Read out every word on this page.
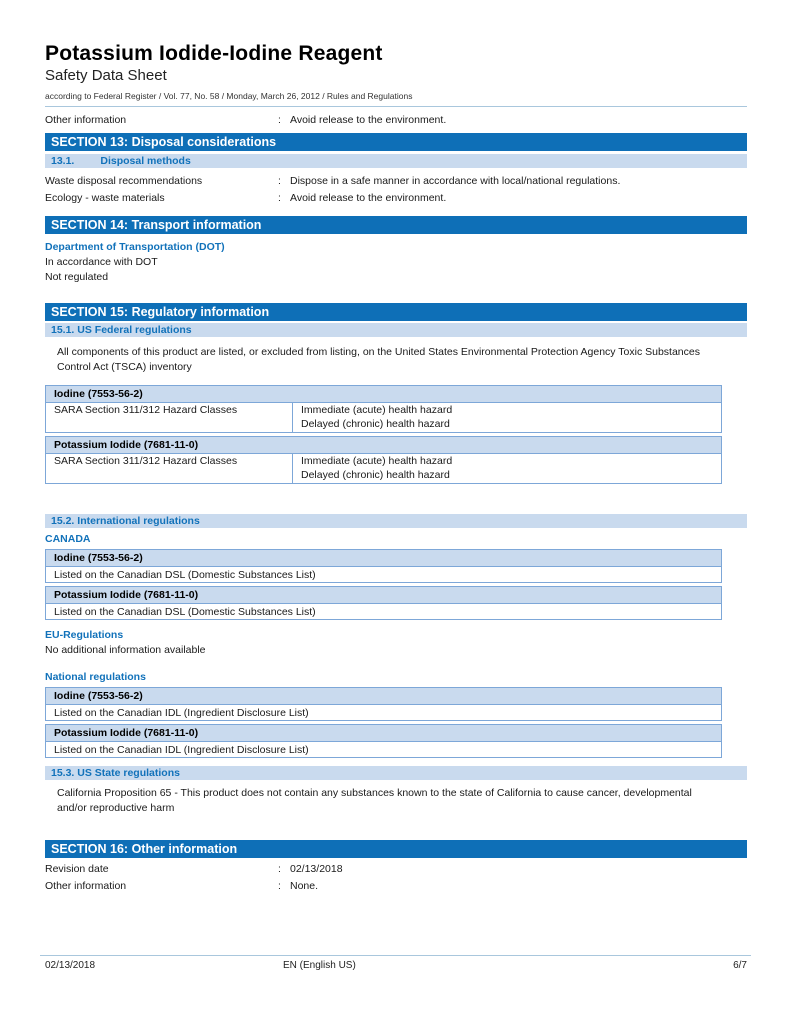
Potassium Iodide-Iodine Reagent
Safety Data Sheet
according to Federal Register / Vol. 77, No. 58 / Monday, March 26, 2012 / Rules and Regulations
Other information	: Avoid release to the environment.
SECTION 13: Disposal considerations
13.1. Disposal methods
Waste disposal recommendations	: Dispose in a safe manner in accordance with local/national regulations.
Ecology - waste materials	: Avoid release to the environment.
SECTION 14: Transport information
Department of Transportation (DOT)
In accordance with DOT
Not regulated
SECTION 15: Regulatory information
15.1. US Federal regulations
All components of this product are listed, or excluded from listing, on the United States Environmental Protection Agency Toxic Substances Control Act (TSCA) inventory
Iodine (7553-56-2)
SARA Section 311/312 Hazard Classes	Immediate (acute) health hazard
Delayed (chronic) health hazard
Potassium Iodide (7681-11-0)
SARA Section 311/312 Hazard Classes	Immediate (acute) health hazard
Delayed (chronic) health hazard
15.2. International regulations
CANADA
Iodine (7553-56-2)
Listed on the Canadian DSL (Domestic Substances List)
Potassium Iodide (7681-11-0)
Listed on the Canadian DSL (Domestic Substances List)
EU-Regulations
No additional information available
National regulations
Iodine (7553-56-2)
Listed on the Canadian IDL (Ingredient Disclosure List)
Potassium Iodide (7681-11-0)
Listed on the Canadian IDL (Ingredient Disclosure List)
15.3. US State regulations
California Proposition 65 - This product does not contain any substances known to the state of California to cause cancer, developmental and/or reproductive harm
SECTION 16: Other information
Revision date	: 02/13/2018
Other information	: None.
02/13/2018	EN (English US)	6/7
